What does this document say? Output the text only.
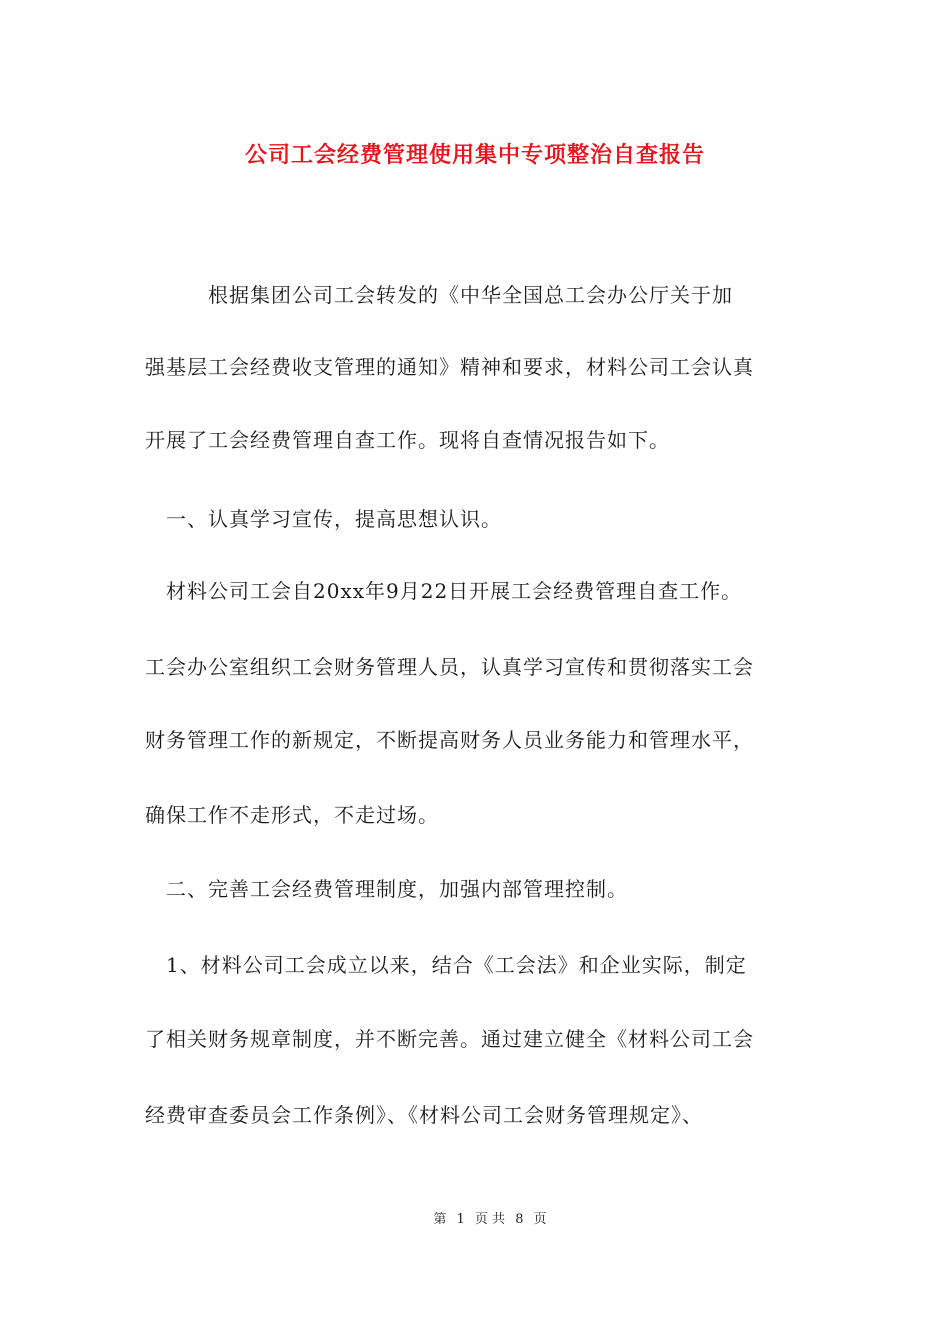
公司工会经费管理使用集中专项整治自查报告
　　　根据集团公司工会转发的《中华全国总工会办公厅关于加
强基层工会经费收支管理的通知》精神和要求，材料公司工会认真
开展了工会经费管理自查工作。现将自查情况报告如下。
　一、认真学习宣传，提高思想认识。
　材料公司工会自20xx年9月22日开展工会经费管理自查工作。
工会办公室组织工会财务管理人员，认真学习宣传和贯彻落实工会
财务管理工作的新规定，不断提高财务人员业务能力和管理水平，
确保工作不走形式，不走过场。
　二、完善工会经费管理制度，加强内部管理控制。
　1、材料公司工会成立以来，结合《工会法》和企业实际，制定
了相关财务规章制度，并不断完善。通过建立健全《材料公司工会
经费审查委员会工作条例》、《材料公司工会财务管理规定》、
第 1 页 共 8 页
